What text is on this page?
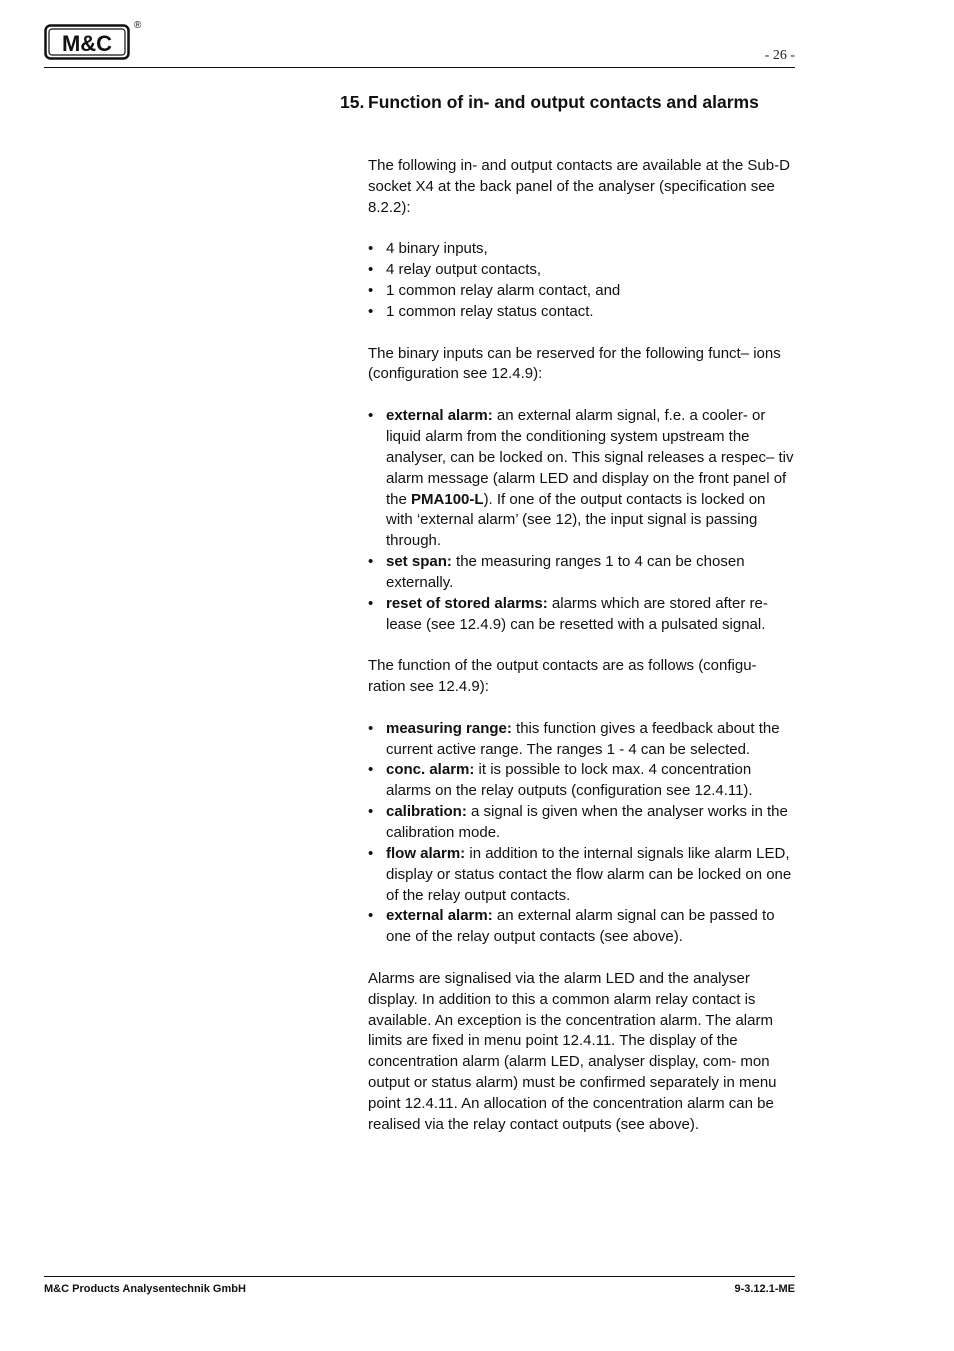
M&C
®
- 26 -
15. Function of in- and output contacts and alarms

The following in- and output contacts are available at the Sub-D socket X4 at the back panel of the analyser (specification see 8.2.2):

• 4 binary inputs,
• 4 relay output contacts,
• 1 common relay alarm contact, and
• 1 common relay status contact.

The binary inputs can be reserved for the following funct– ions (configuration see 12.4.9):

• external alarm: an external alarm signal, f.e. a cooler- or liquid alarm from the conditioning system upstream the analyser, can be locked on. This signal releases a respec– tiv alarm message (alarm LED and display on the front panel of the PMA100-L). If one of the output contacts is locked on with ‘external alarm’ (see 12), the input signal is passing through.
• set span: the measuring ranges 1 to 4 can be chosen externally.
• reset of stored alarms: alarms which are stored after re- lease (see 12.4.9) can be resetted with a pulsated signal.

The function of the output contacts are as follows (configu- ration see 12.4.9):

• measuring range: this function gives a feedback about the current active range. The ranges 1 - 4 can be selected.
• conc. alarm: it is possible to lock max. 4 concentration alarms on the relay outputs (configuration see 12.4.11).
• calibration: a signal is given when the analyser works in the calibration mode.
• flow alarm: in addition to the internal signals like alarm LED, display or status contact the flow alarm can be locked on one of the relay output contacts.
• external alarm: an external alarm signal can be passed to one of the relay output contacts (see above).

Alarms are signalised via the alarm LED and the analyser display. In addition to this a common alarm relay contact is available. An exception is the concentration alarm. The alarm limits are fixed in menu point 12.4.11. The display of the concentration alarm (alarm LED, analyser display, com- mon output or status alarm) must be confirmed separately in menu point 12.4.11. An allocation of the concentration alarm can be realised via the relay contact outputs (see above).

M&C Products Analysentechnik GmbH	9-3.12.1-ME
